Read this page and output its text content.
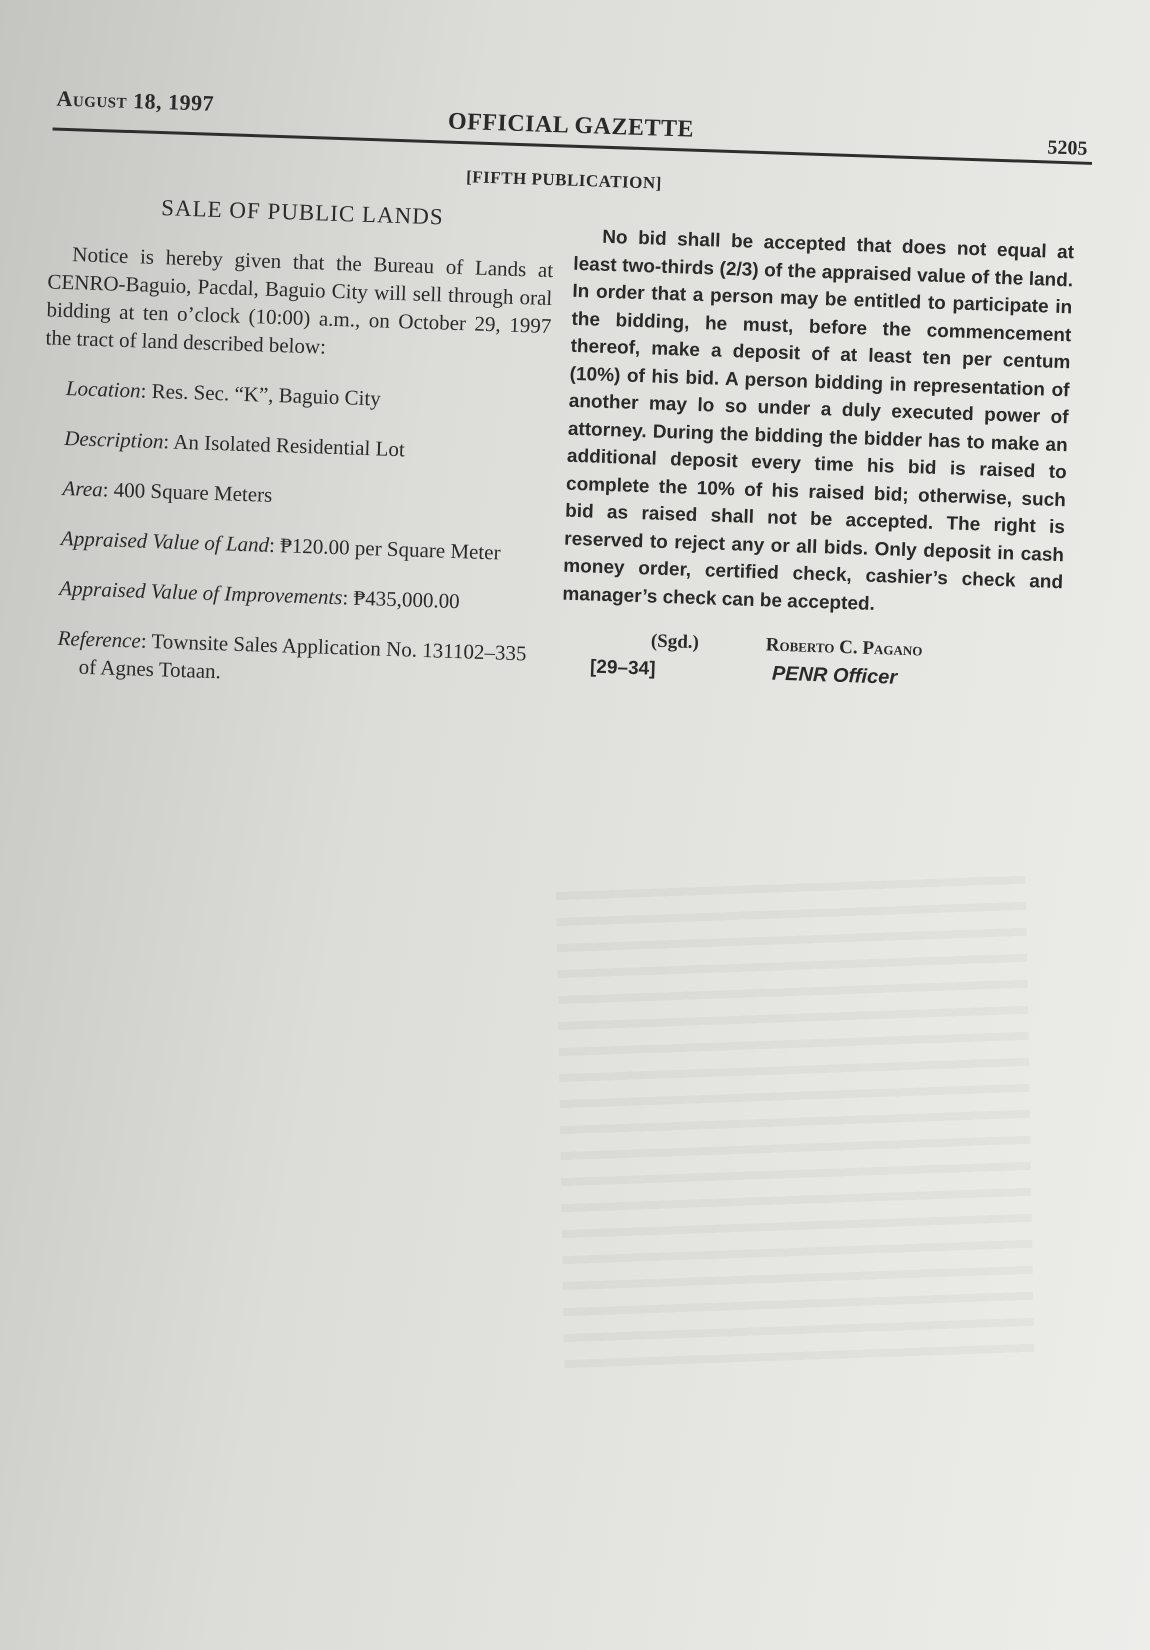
August 18, 1997
OFFICIAL GAZETTE
5205
[FIFTH PUBLICATION]
SALE OF PUBLIC LANDS

Notice is hereby given that the Bureau of Lands at CENRO-Baguio, Pacdal, Baguio City will sell through oral bidding at ten o’clock (10:00) a.m., on October 29, 1997 the tract of land described below:

Location: Res. Sec. “K”, Baguio City
Description: An Isolated Residential Lot
Area: 400 Square Meters
Appraised Value of Land: ₱120.00 per Square Meter
Appraised Value of Improvements: ₱435,000.00
Reference: Townsite Sales Application No. 131102–335 of Agnes Totaan.

No bid shall be accepted that does not equal at least two-thirds (2/3) of the appraised value of the land. In order that a person may be entitled to participate in the bidding, he must, before the commencement thereof, make a deposit of at least ten per centum (10%) of his bid. A person bidding in representation of another may lo so under a duly executed power of attorney. During the bidding the bidder has to make an additional deposit every time his bid is raised to complete the 10% of his raised bid; otherwise, such bid as raised shall not be accepted. The right is reserved to reject any or all bids. Only deposit in cash money order, certified check, cashier’s check and manager’s check can be accepted.

(Sgd.)	Roberto C. Pagano
[29–34]	PENR Officer
